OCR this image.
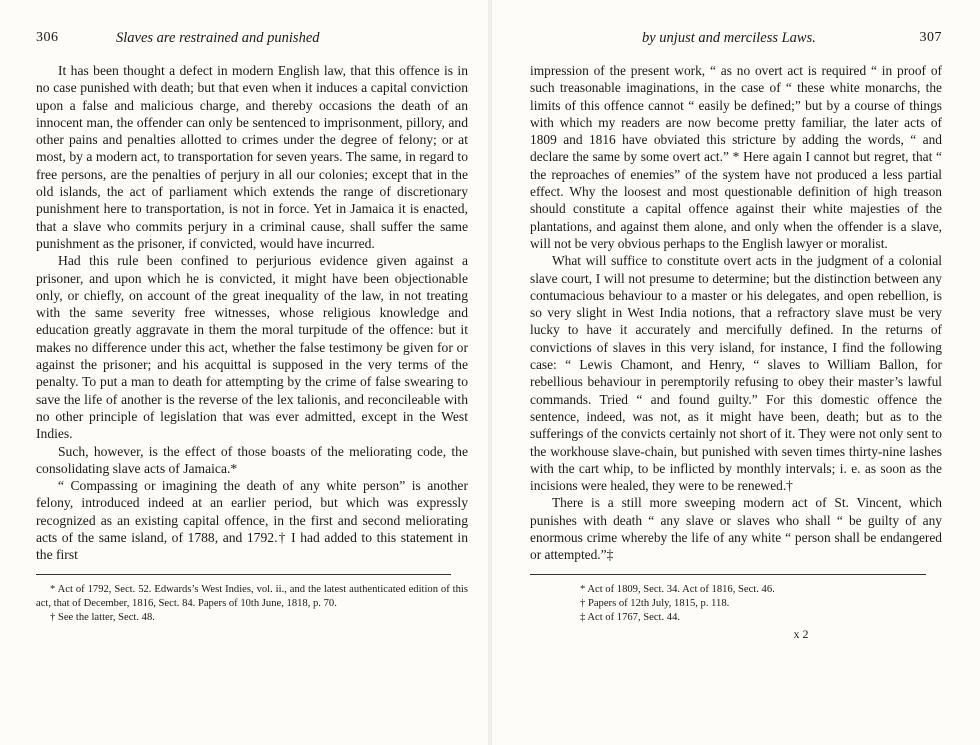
306	Slaves are restrained and punished

It has been thought a defect in modern English law, that this offence is in no case punished with death; but that even when it induces a capital conviction upon a false and malicious charge, and thereby occasions the death of an innocent man, the offender can only be sentenced to imprisonment, pillory, and other pains and penalties allotted to crimes under the degree of felony; or at most, by a modern act, to transportation for seven years. The same, in regard to free persons, are the penalties of perjury in all our colonies; except that in the old islands, the act of parliament which extends the range of discretionary punishment here to transportation, is not in force. Yet in Jamaica it is enacted, that a slave who commits perjury in a criminal cause, shall suffer the same punishment as the prisoner, if convicted, would have incurred.

Had this rule been confined to perjurious evidence given against a prisoner, and upon which he is convicted, it might have been objectionable only, or chiefly, on account of the great inequality of the law, in not treating with the same severity free witnesses, whose religious knowledge and education greatly aggravate in them the moral turpitude of the offence: but it makes no difference under this act, whether the false testimony be given for or against the prisoner; and his acquittal is supposed in the very terms of the penalty. To put a man to death for attempting by the crime of false swearing to save the life of another is the reverse of the lex talionis, and reconcileable with no other principle of legislation that was ever admitted, except in the West Indies.

Such, however, is the effect of those boasts of the meliorating code, the consolidating slave acts of Jamaica.*

“ Compassing or imagining the death of any white person” is another felony, introduced indeed at an earlier period, but which was expressly recognized as an existing capital offence, in the first and second meliorating acts of the same island, of 1788, and 1792.† I had added to this statement in the first

* Act of 1792, Sect. 52. Edwards’s West Indies, vol. ii., and the latest authenticated edition of this act, that of December, 1816, Sect. 84. Papers of 10th June, 1818, p. 70.

† See the latter, Sect. 48.

by unjust and merciless Laws.	307

impression of the present work, “ as no overt act is required “ in proof of such treasonable imaginations, in the case of “ these white monarchs, the limits of this offence cannot “ easily be defined;” but by a course of things with which my readers are now become pretty familiar, the later acts of 1809 and 1816 have obviated this stricture by adding the words, “ and declare the same by some overt act.” * Here again I cannot but regret, that “ the reproaches of enemies” of the system have not produced a less partial effect. Why the loosest and most questionable definition of high treason should constitute a capital offence against their white majesties of the plantations, and against them alone, and only when the offender is a slave, will not be very obvious perhaps to the English lawyer or moralist.

What will suffice to constitute overt acts in the judgment of a colonial slave court, I will not presume to determine; but the distinction between any contumacious behaviour to a master or his delegates, and open rebellion, is so very slight in West India notions, that a refractory slave must be very lucky to have it accurately and mercifully defined. In the returns of convictions of slaves in this very island, for instance, I find the following case: “ Lewis Chamont, and Henry, “ slaves to William Ballon, for rebellious behaviour in peremptorily refusing to obey their master’s lawful commands. Tried “ and found guilty.” For this domestic offence the sentence, indeed, was not, as it might have been, death; but as to the sufferings of the convicts certainly not short of it. They were not only sent to the workhouse slave-chain, but punished with seven times thirty-nine lashes with the cart whip, to be inflicted by monthly intervals; i. e. as soon as the incisions were healed, they were to be renewed.†

There is a still more sweeping modern act of St. Vincent, which punishes with death “ any slave or slaves who shall “ be guilty of any enormous crime whereby the life of any white “ person shall be endangered or attempted.”‡

* Act of 1809, Sect. 34. Act of 1816, Sect. 46.

† Papers of 12th July, 1815, p. 118.

‡ Act of 1767, Sect. 44.

x 2
